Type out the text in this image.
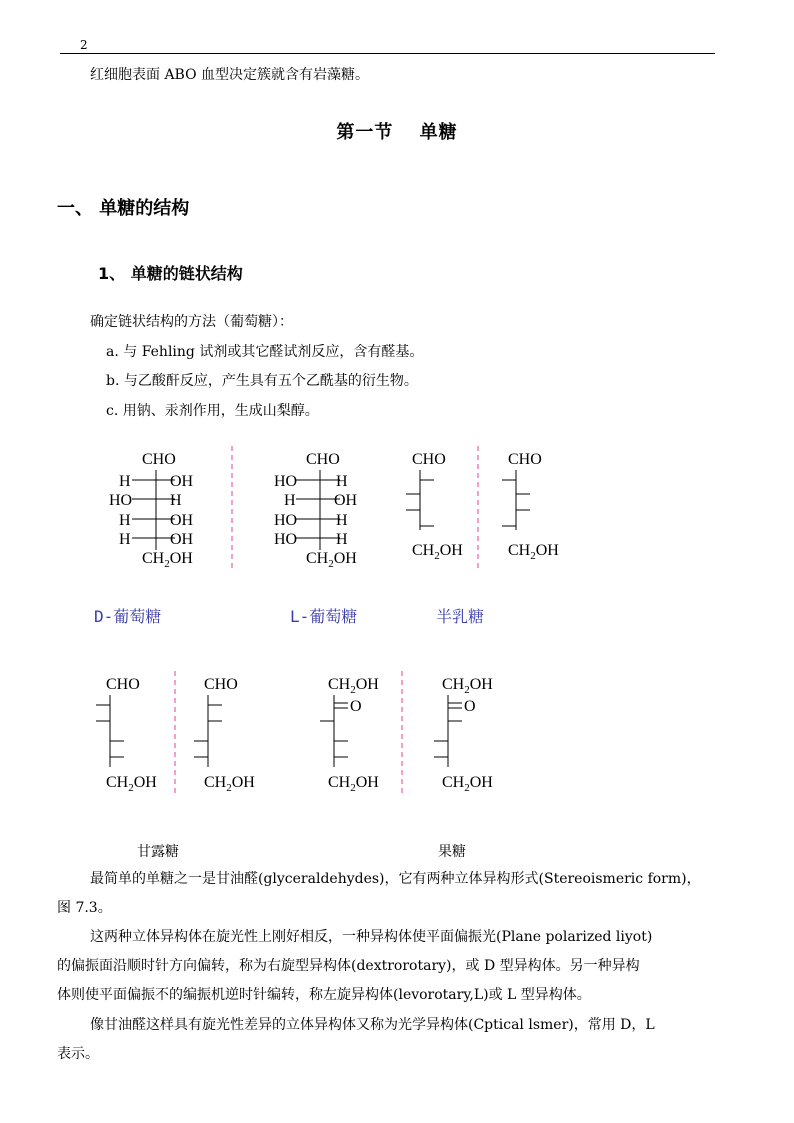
2
红细胞表面 ABO 血型决定簇就含有岩藻糖。
第一节　 单糖
一、 单糖的结构
1、 单糖的链状结构
确定链状结构的方法（葡萄糖）：
a. 与 Fehling 试剂或其它醛试剂反应，含有醛基。
b. 与乙酸酐反应，产生具有五个乙酰基的衍生物。
c. 用钠、汞剂作用，生成山梨醇。
CHO
H OH
HO H
H OH
H OH
$CH_2OH$
CHO
HO H
H OH
HO H
HO H
$CH_2OH$
CHO
$CH_2OH$
CHO
$CH_2OH$
D-葡萄糖	L-葡萄糖	半乳糖
CHO
$CH_2OH$
CHO
$CH_2OH$
$CH_2OH$
O
$CH_2OH$
$CH_2OH$
O
$CH_2OH$
甘露糖	果糖
最简单的单糖之一是甘油醛(glyceraldehydes)，它有两种立体异构形式(Stereoismeric form)，
图 7.3。
这两种立体异构体在旋光性上刚好相反，一种异构体使平面偏振光(Plane polarized liyot)
的偏振面沿顺时针方向偏转，称为右旋型异构体(dextrorotary)，或 D 型异构体。另一种异构
体则使平面偏振不的编振机逆时针编转，称左旋异构体(levorotary,L)或 L 型异构体。
像甘油醛这样具有旋光性差异的立体异构体又称为光学异构体(Cptical lsmer)，常用 D，L
表示。
